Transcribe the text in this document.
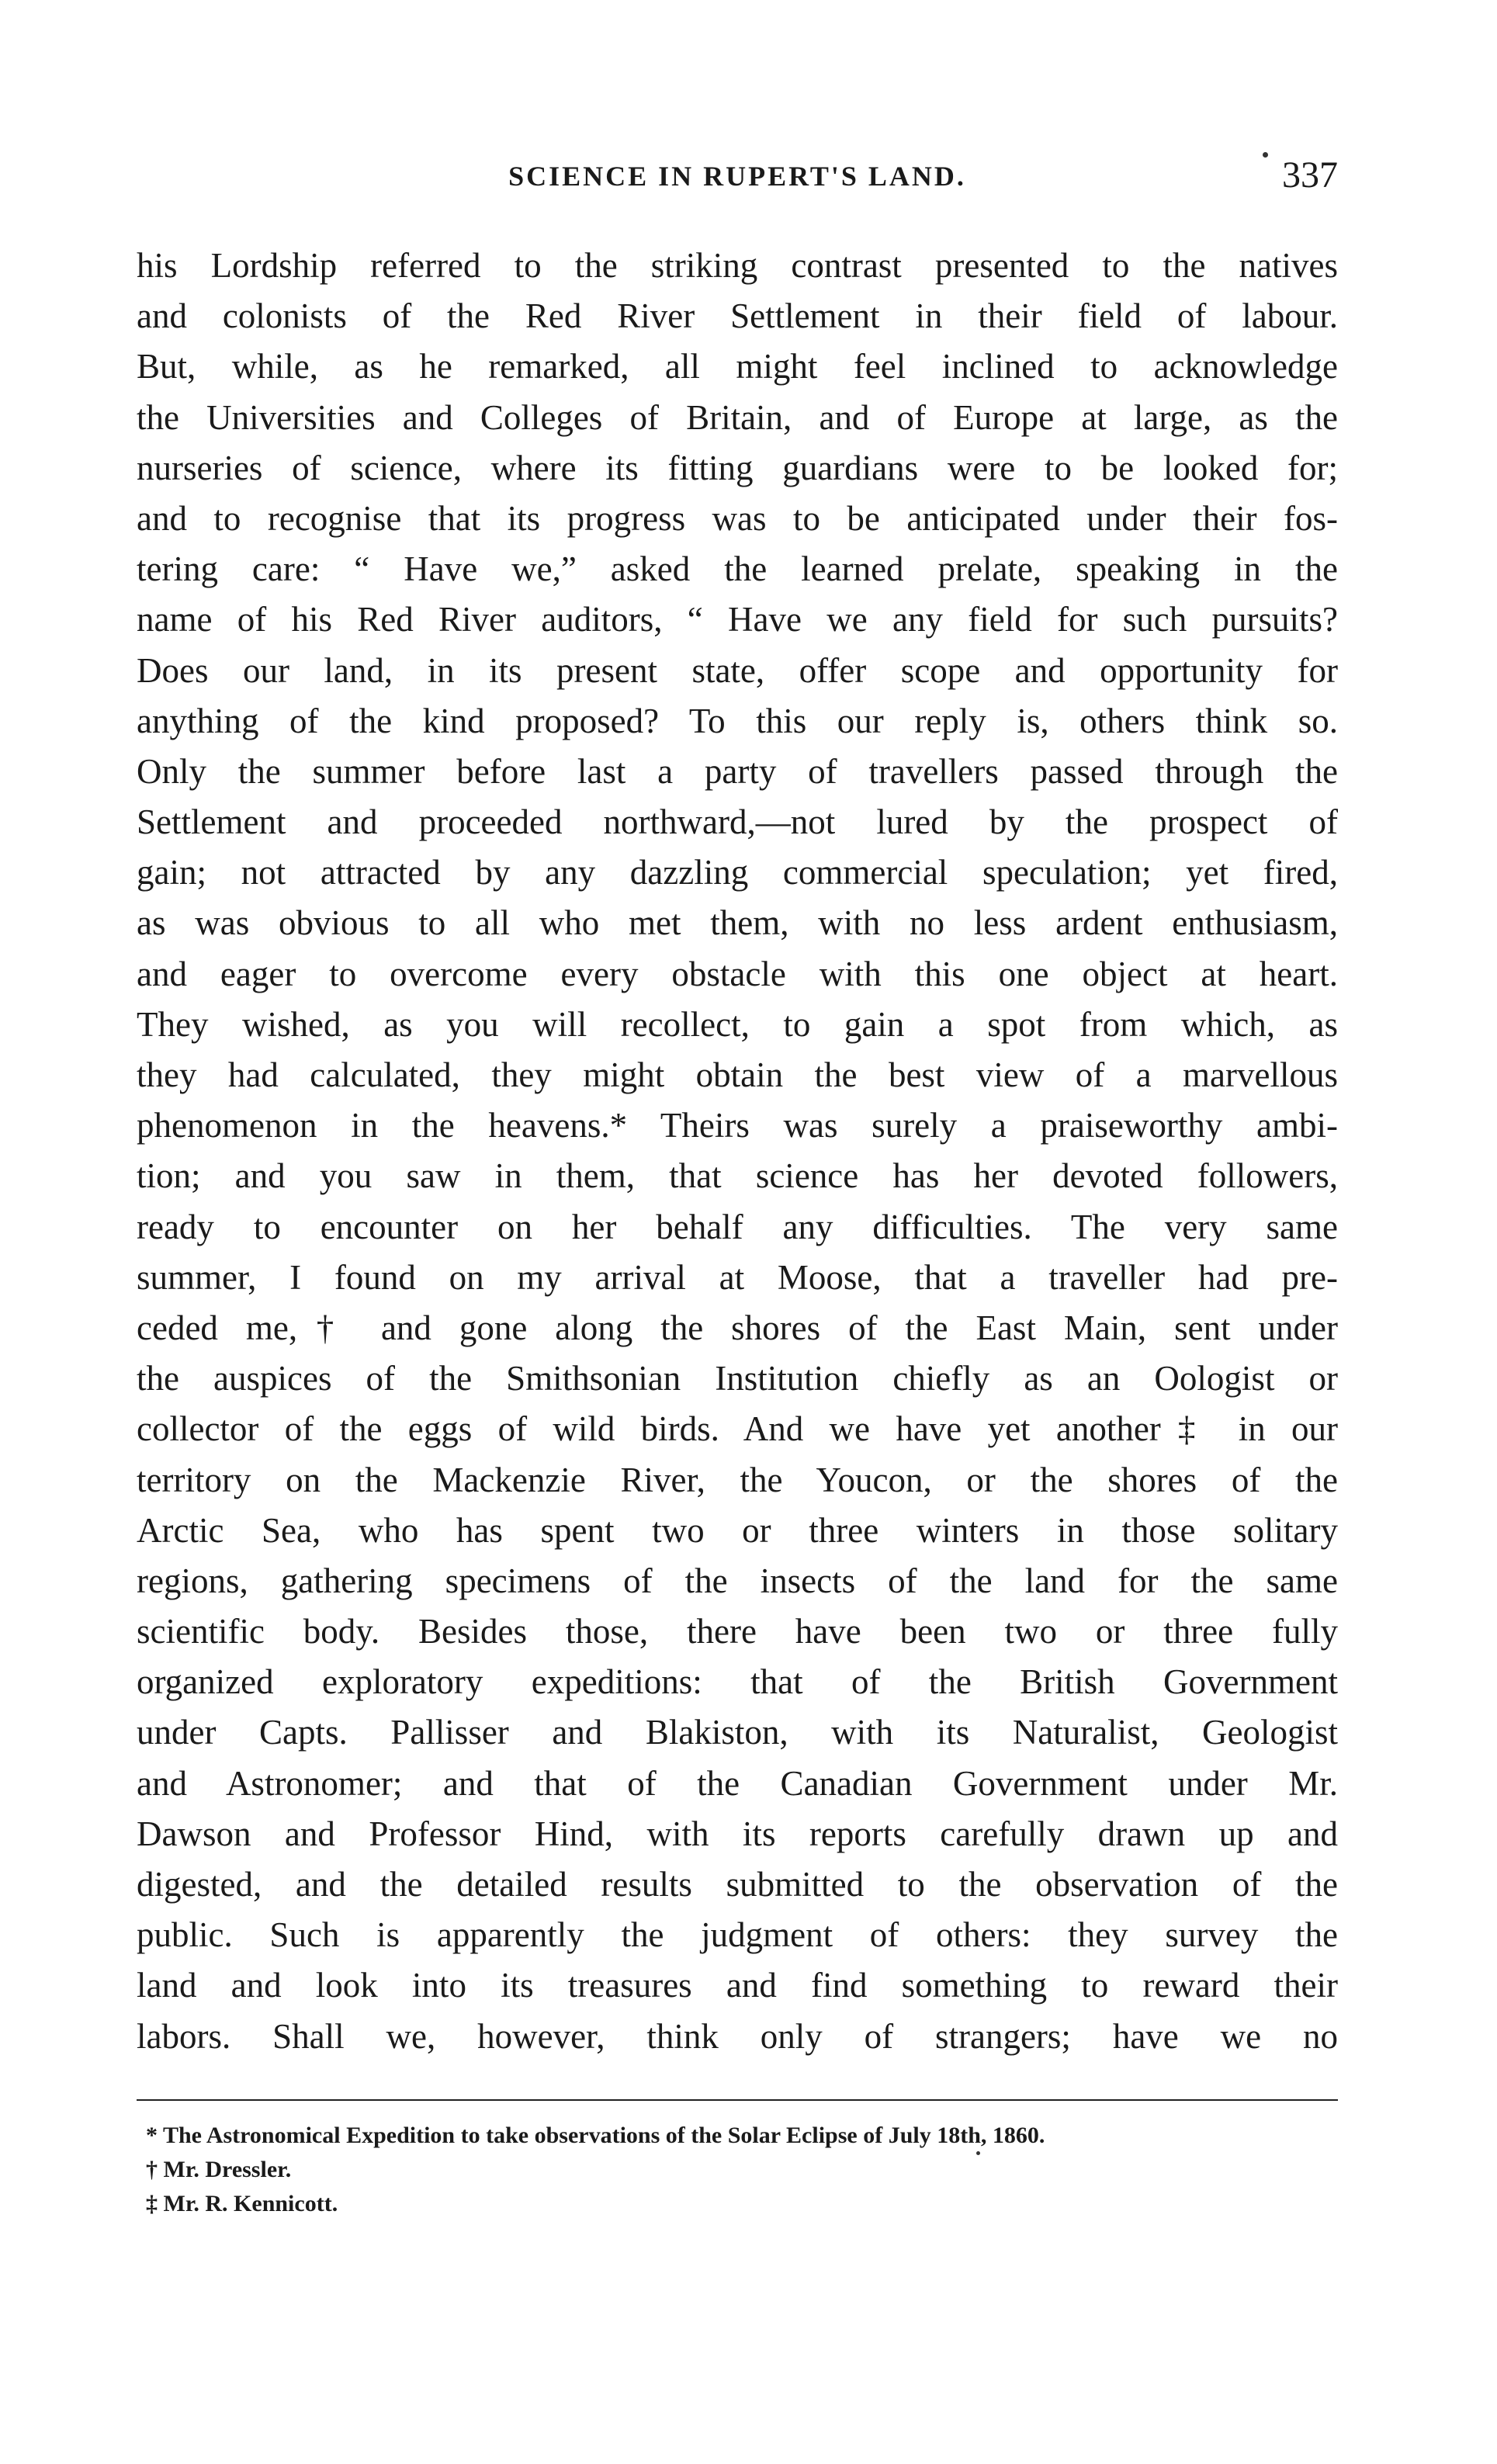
SCIENCE IN RUPERT'S LAND.	337
his Lordship referred to the striking contrast presented to the natives
and colonists of the Red River Settlement in their field of labour.
But, while, as he remarked, all might feel inclined to acknowledge
the Universities and Colleges of Britain, and of Europe at large, as the
nurseries of science, where its fitting guardians were to be looked for;
and to recognise that its progress was to be anticipated under their fos-
tering care: “ Have we,” asked the learned prelate, speaking in the
name of his Red River auditors, “ Have we any field for such pursuits?
Does our land, in its present state, offer scope and opportunity for
anything of the kind proposed? To this our reply is, others think so.
Only the summer before last a party of travellers passed through the
Settlement and proceeded northward,—not lured by the prospect of
gain; not attracted by any dazzling commercial speculation; yet fired,
as was obvious to all who met them, with no less ardent enthusiasm,
and eager to overcome every obstacle with this one object at heart.
They wished, as you will recollect, to gain a spot from which, as
they had calculated, they might obtain the best view of a marvellous
phenomenon in the heavens.* Theirs was surely a praiseworthy ambi-
tion; and you saw in them, that science has her devoted followers,
ready to encounter on her behalf any difficulties. The very same
summer, I found on my arrival at Moose, that a traveller had pre-
ceded me,† and gone along the shores of the East Main, sent under
the auspices of the Smithsonian Institution chiefly as an Oologist or
collector of the eggs of wild birds. And we have yet another‡ in our
territory on the Mackenzie River, the Youcon, or the shores of the
Arctic Sea, who has spent two or three winters in those solitary
regions, gathering specimens of the insects of the land for the same
scientific body. Besides those, there have been two or three fully
organized exploratory expeditions: that of the British Government
under Capts. Pallisser and Blakiston, with its Naturalist, Geologist
and Astronomer; and that of the Canadian Government under Mr.
Dawson and Professor Hind, with its reports carefully drawn up and
digested, and the detailed results submitted to the observation of the
public. Such is apparently the judgment of others: they survey the
land and look into its treasures and find something to reward their
labors. Shall we, however, think only of strangers; have we no
* The Astronomical Expedition to take observations of the Solar Eclipse of July 18th, 1860.
† Mr. Dressler.
‡ Mr. R. Kennicott.
